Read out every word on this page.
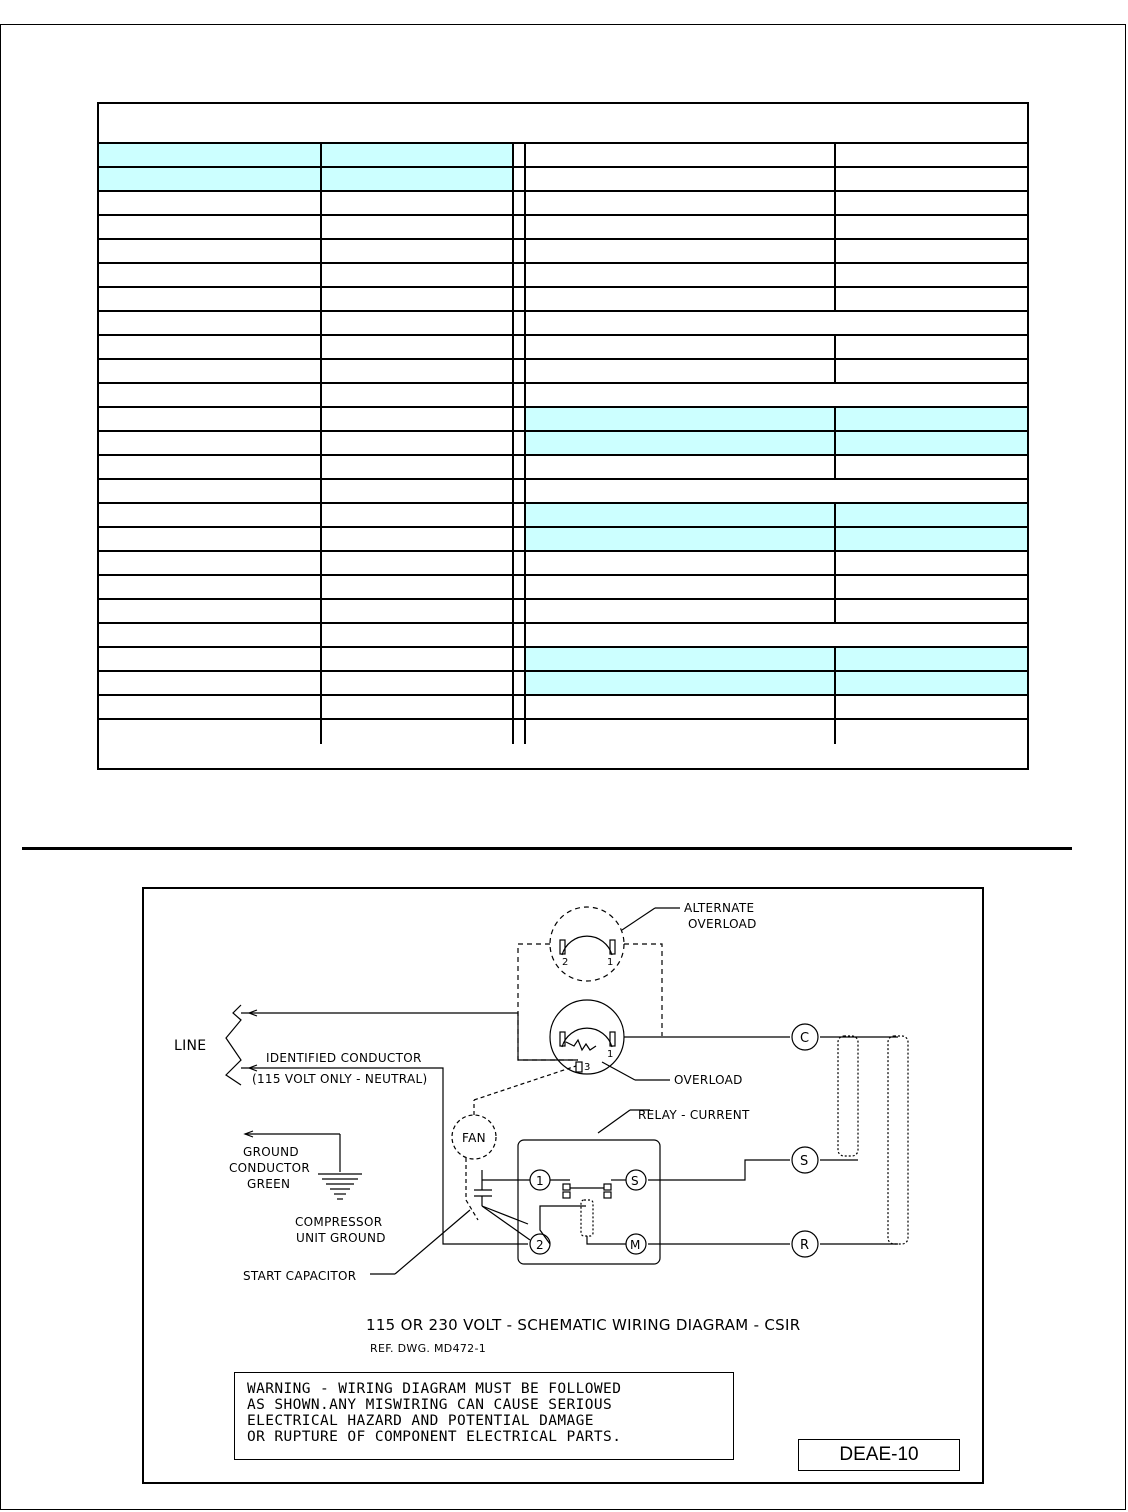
ALTERNATE
OVERLOAD
2	1
LINE
IDENTIFIED CONDUCTOR
(115 VOLT ONLY - NEUTRAL)
1
3
OVERLOAD
RELAY - CURRENT
FAN
GROUND
CONDUCTOR
GREEN
COMPRESSOR
UNIT GROUND
START CAPACITOR
C
S
R
1
2
S
M
115 OR 230 VOLT - SCHEMATIC WIRING DIAGRAM - CSIR
REF. DWG. MD472-1
WARNING - WIRING DIAGRAM MUST BE FOLLOWED
AS SHOWN.ANY MISWIRING CAN CAUSE SERIOUS
ELECTRICAL HAZARD AND POTENTIAL DAMAGE
OR RUPTURE OF COMPONENT ELECTRICAL PARTS.
DEAE-10
